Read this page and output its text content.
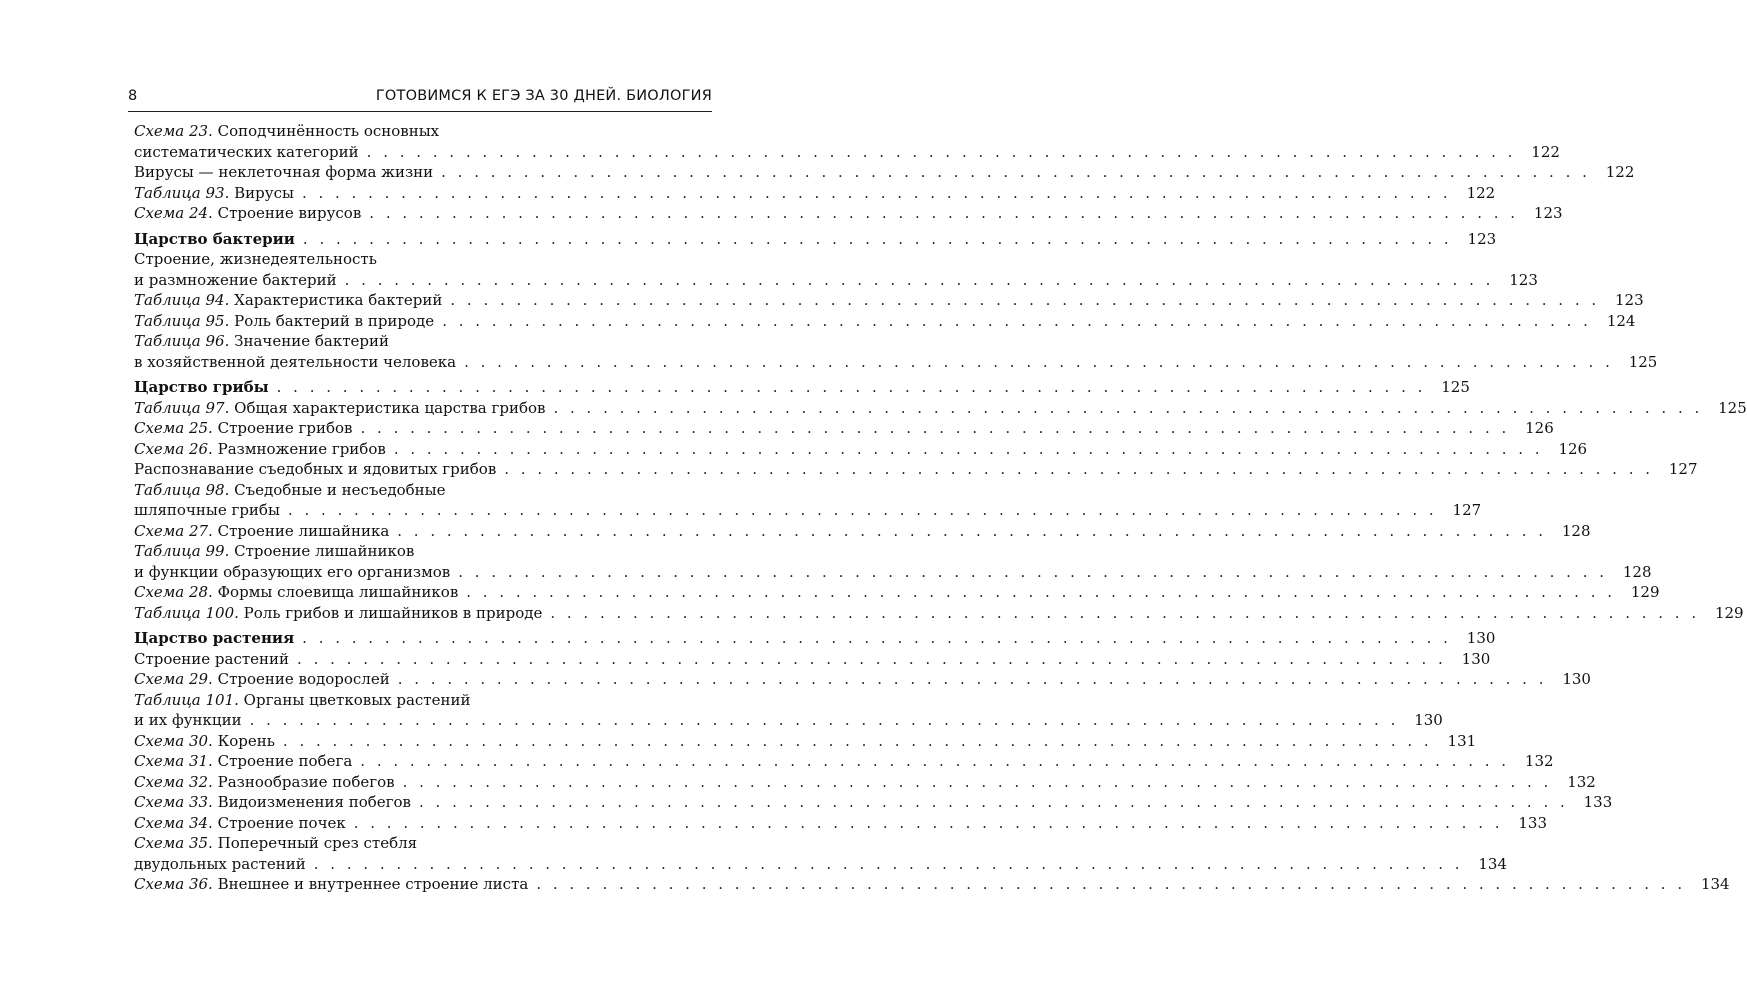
8	ГОТОВИМСЯ К ЕГЭ ЗА 30 ДНЕЙ. БИОЛОГИЯ
Схема 23. Соподчинённость основных
систематических категорий . . . . . . . . . . . . . . . . . . . . . . . . . . . . . . . . . . . . . . . . . . . . . . . . . . . . . . . . . . . . . . . . . . . . . .	122
Вирусы — неклеточная форма жизни . . . . . . . . . . . . . . . . . . . . . . . . . . . . . . . . . . . . . . . . . . . . . . . . . . . . . . . . . . . . . . . . . . . . . .	122
Таблица 93. Вирусы . . . . . . . . . . . . . . . . . . . . . . . . . . . . . . . . . . . . . . . . . . . . . . . . . . . . . . . . . . . . . . . . . . . . . .	122
Схема 24. Строение вирусов . . . . . . . . . . . . . . . . . . . . . . . . . . . . . . . . . . . . . . . . . . . . . . . . . . . . . . . . . . . . . . . . . . . . . .	123
Царство бактерии . . . . . . . . . . . . . . . . . . . . . . . . . . . . . . . . . . . . . . . . . . . . . . . . . . . . . . . . . . . . . . . . . . . . . .	123
Строение, жизнедеятельность
и размножение бактерий . . . . . . . . . . . . . . . . . . . . . . . . . . . . . . . . . . . . . . . . . . . . . . . . . . . . . . . . . . . . . . . . . . . . . .	123
Таблица 94. Характеристика бактерий . . . . . . . . . . . . . . . . . . . . . . . . . . . . . . . . . . . . . . . . . . . . . . . . . . . . . . . . . . . . . . . . . . . . . .	123
Таблица 95. Роль бактерий в природе . . . . . . . . . . . . . . . . . . . . . . . . . . . . . . . . . . . . . . . . . . . . . . . . . . . . . . . . . . . . . . . . . . . . . .	124
Таблица 96. Значение бактерий
в хозяйственной деятельности человека . . . . . . . . . . . . . . . . . . . . . . . . . . . . . . . . . . . . . . . . . . . . . . . . . . . . . . . . . . . . . . . . . . . . . .	125
Царство грибы . . . . . . . . . . . . . . . . . . . . . . . . . . . . . . . . . . . . . . . . . . . . . . . . . . . . . . . . . . . . . . . . . . . . . .	125
Таблица 97. Общая характеристика царства грибов . . . . . . . . . . . . . . . . . . . . . . . . . . . . . . . . . . . . . . . . . . . . . . . . . . . . . . . . . . . . . . . . . . . . . .	125
Схема 25. Строение грибов . . . . . . . . . . . . . . . . . . . . . . . . . . . . . . . . . . . . . . . . . . . . . . . . . . . . . . . . . . . . . . . . . . . . . .	126
Схема 26. Размножение грибов . . . . . . . . . . . . . . . . . . . . . . . . . . . . . . . . . . . . . . . . . . . . . . . . . . . . . . . . . . . . . . . . . . . . . .	126
Распознавание съедобных и ядовитых грибов . . . . . . . . . . . . . . . . . . . . . . . . . . . . . . . . . . . . . . . . . . . . . . . . . . . . . . . . . . . . . . . . . . . . . .	127
Таблица 98. Съедобные и несъедобные
шляпочные грибы . . . . . . . . . . . . . . . . . . . . . . . . . . . . . . . . . . . . . . . . . . . . . . . . . . . . . . . . . . . . . . . . . . . . . .	127
Схема 27. Строение лишайника . . . . . . . . . . . . . . . . . . . . . . . . . . . . . . . . . . . . . . . . . . . . . . . . . . . . . . . . . . . . . . . . . . . . . .	128
Таблица 99. Строение лишайников
и функции образующих его организмов . . . . . . . . . . . . . . . . . . . . . . . . . . . . . . . . . . . . . . . . . . . . . . . . . . . . . . . . . . . . . . . . . . . . . .	128
Схема 28. Формы слоевища лишайников . . . . . . . . . . . . . . . . . . . . . . . . . . . . . . . . . . . . . . . . . . . . . . . . . . . . . . . . . . . . . . . . . . . . . .	129
Таблица 100. Роль грибов и лишайников в природе . . . . . . . . . . . . . . . . . . . . . . . . . . . . . . . . . . . . . . . . . . . . . . . . . . . . . . . . . . . . . . . . . . . . . .	129
Царство растения . . . . . . . . . . . . . . . . . . . . . . . . . . . . . . . . . . . . . . . . . . . . . . . . . . . . . . . . . . . . . . . . . . . . . .	130
Строение растений . . . . . . . . . . . . . . . . . . . . . . . . . . . . . . . . . . . . . . . . . . . . . . . . . . . . . . . . . . . . . . . . . . . . . .	130
Схема 29. Строение водорослей . . . . . . . . . . . . . . . . . . . . . . . . . . . . . . . . . . . . . . . . . . . . . . . . . . . . . . . . . . . . . . . . . . . . . .	130
Таблица 101. Органы цветковых растений
и их функции . . . . . . . . . . . . . . . . . . . . . . . . . . . . . . . . . . . . . . . . . . . . . . . . . . . . . . . . . . . . . . . . . . . . . .	130
Схема 30. Корень . . . . . . . . . . . . . . . . . . . . . . . . . . . . . . . . . . . . . . . . . . . . . . . . . . . . . . . . . . . . . . . . . . . . . .	131
Схема 31. Строение побега . . . . . . . . . . . . . . . . . . . . . . . . . . . . . . . . . . . . . . . . . . . . . . . . . . . . . . . . . . . . . . . . . . . . . .	132
Схема 32. Разнообразие побегов . . . . . . . . . . . . . . . . . . . . . . . . . . . . . . . . . . . . . . . . . . . . . . . . . . . . . . . . . . . . . . . . . . . . . .	132
Схема 33. Видоизменения побегов . . . . . . . . . . . . . . . . . . . . . . . . . . . . . . . . . . . . . . . . . . . . . . . . . . . . . . . . . . . . . . . . . . . . . .	133
Схема 34. Строение почек . . . . . . . . . . . . . . . . . . . . . . . . . . . . . . . . . . . . . . . . . . . . . . . . . . . . . . . . . . . . . . . . . . . . . .	133
Схема 35. Поперечный срез стебля
двудольных растений . . . . . . . . . . . . . . . . . . . . . . . . . . . . . . . . . . . . . . . . . . . . . . . . . . . . . . . . . . . . . . . . . . . . . .	134
Схема 36. Внешнее и внутреннее строение листа . . . . . . . . . . . . . . . . . . . . . . . . . . . . . . . . . . . . . . . . . . . . . . . . . . . . . . . . . . . . . . . . . . . . . .	134
